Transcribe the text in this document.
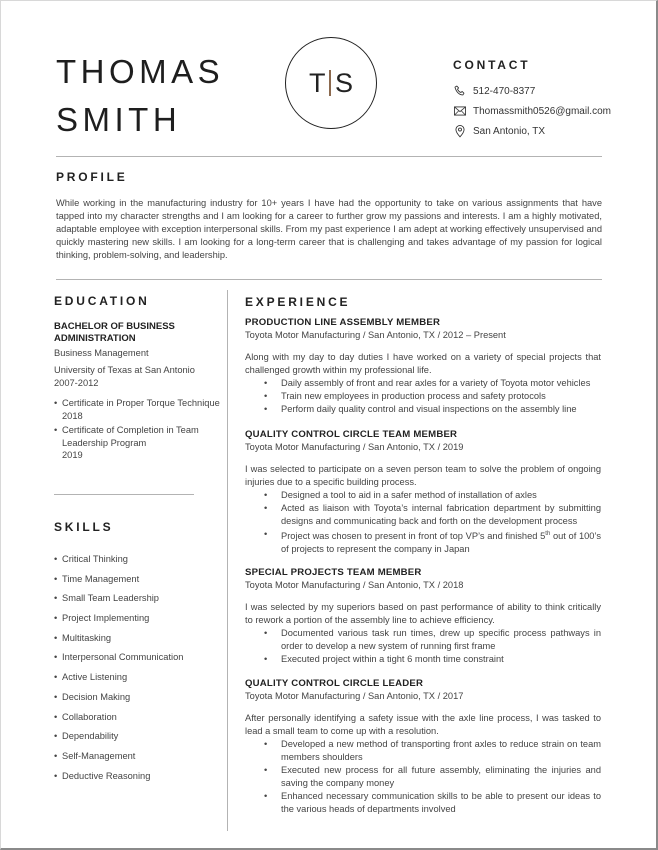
THOMAS
SMITH
T S
CONTACT
512-470-8377
Thomassmith0526@gmail.com
San Antonio, TX
PROFILE
While working in the manufacturing industry for 10+ years I have had the opportunity to take on various assignments that have tapped into my character strengths and I am looking for a career to further grow my passions and interests. I am a highly motivated, adaptable employee with exception interpersonal skills. From my past experience I am adept at working effectively unsupervised and quickly mastering new skills. I am looking for a long-term career that is challenging and takes advantage of my passion for logical thinking, problem-solving, and leadership.
EDUCATION
BACHELOR OF BUSINESS ADMINISTRATION
Business Management
University of Texas at San Antonio
2007-2012
• Certificate in Proper Torque Technique
2018
• Certificate of Completion in Team Leadership Program
2019
SKILLS
• Critical Thinking
• Time Management
• Small Team Leadership
• Project Implementing
• Multitasking
• Interpersonal Communication
• Active Listening
• Decision Making
• Collaboration
• Dependability
• Self-Management
• Deductive Reasoning
EXPERIENCE
PRODUCTION LINE ASSEMBLY MEMBER
Toyota Motor Manufacturing / San Antonio, TX / 2012 – Present
Along with my day to day duties I have worked on a variety of special projects that challenged growth within my professional life.
• Daily assembly of front and rear axles for a variety of Toyota motor vehicles
• Train new employees in production process and safety protocols
• Perform daily quality control and visual inspections on the assembly line
QUALITY CONTROL CIRCLE TEAM MEMBER
Toyota Motor Manufacturing / San Antonio, TX / 2019
I was selected to participate on a seven person team to solve the problem of ongoing injuries due to a specific building process.
• Designed a tool to aid in a safer method of installation of axles
• Acted as liaison with Toyota’s internal fabrication department by submitting designs and communicating back and forth on the development process
• Project was chosen to present in front of top VP’s and finished 5th out of 100’s of projects to represent the company in Japan
SPECIAL PROJECTS TEAM MEMBER
Toyota Motor Manufacturing / San Antonio, TX / 2018
I was selected by my superiors based on past performance of ability to think critically to rework a portion of the assembly line to achieve efficiency.
• Documented various task run times, drew up specific process pathways in order to develop a new system of running first frame
• Executed project within a tight 6 month time constraint
QUALITY CONTROL CIRCLE LEADER
Toyota Motor Manufacturing / San Antonio, TX / 2017
After personally identifying a safety issue with the axle line process, I was tasked to lead a small team to come up with a resolution.
• Developed a new method of transporting front axles to reduce strain on team members shoulders
• Executed new process for all future assembly, eliminating the injuries and saving the company money
• Enhanced necessary communication skills to be able to present our ideas to the various heads of departments involved
